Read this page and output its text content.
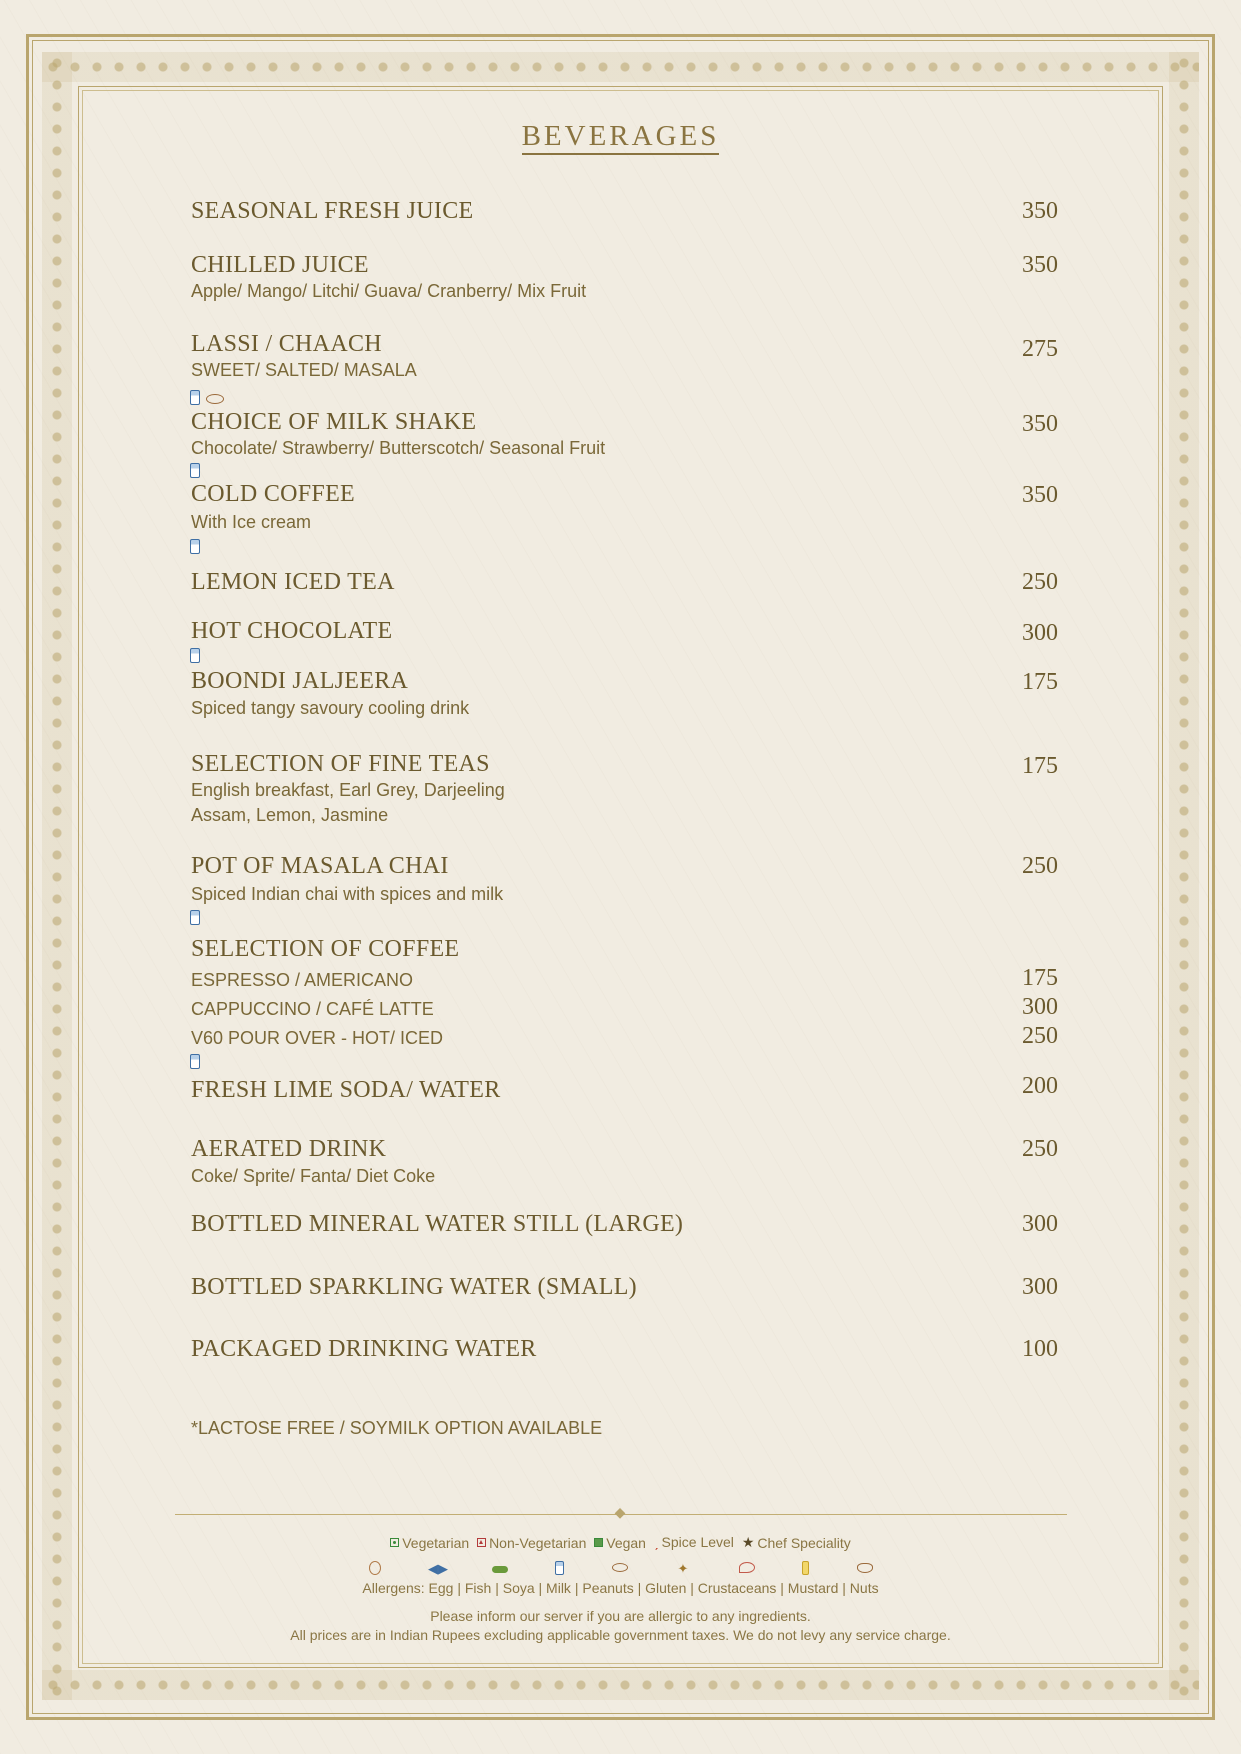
BEVERAGES
SEASONAL FRESH JUICE	350
CHILLED JUICE	350
Apple/ Mango/ Litchi/ Guava/ Cranberry/ Mix Fruit
LASSI / CHAACH	275
SWEET/ SALTED/ MASALA
CHOICE OF MILK SHAKE	350
Chocolate/ Strawberry/ Butterscotch/ Seasonal Fruit
COLD COFFEE	350
With Ice cream
LEMON ICED TEA	250
HOT CHOCOLATE	300
BOONDI JALJEERA	175
Spiced tangy savoury cooling drink
SELECTION OF FINE TEAS	175
English breakfast, Earl Grey, Darjeeling
Assam, Lemon, Jasmine
POT OF MASALA CHAI	250
Spiced Indian chai with spices and milk
SELECTION OF COFFEE
ESPRESSO / AMERICANO	175
CAPPUCCINO / CAFÉ LATTE	300
V60 POUR OVER - HOT/ ICED	250
FRESH LIME SODA/ WATER	200
AERATED DRINK	250
Coke/ Sprite/ Fanta/ Diet Coke
BOTTLED MINERAL WATER STILL (LARGE)	300
BOTTLED SPARKLING WATER (SMALL)	300
PACKAGED DRINKING WATER	100
*LACTOSE FREE / SOYMILK OPTION AVAILABLE
◆
Vegetarian
Non-Vegetarian
Vegan
ˏ Spice Level
★ Chef Speciality
◀▶	✦
Allergens: Egg | Fish | Soya | Milk | Peanuts | Gluten | Crustaceans | Mustard | Nuts
Please inform our server if you are allergic to any ingredients.
All prices are in Indian Rupees excluding applicable government taxes. We do not levy any service charge.
